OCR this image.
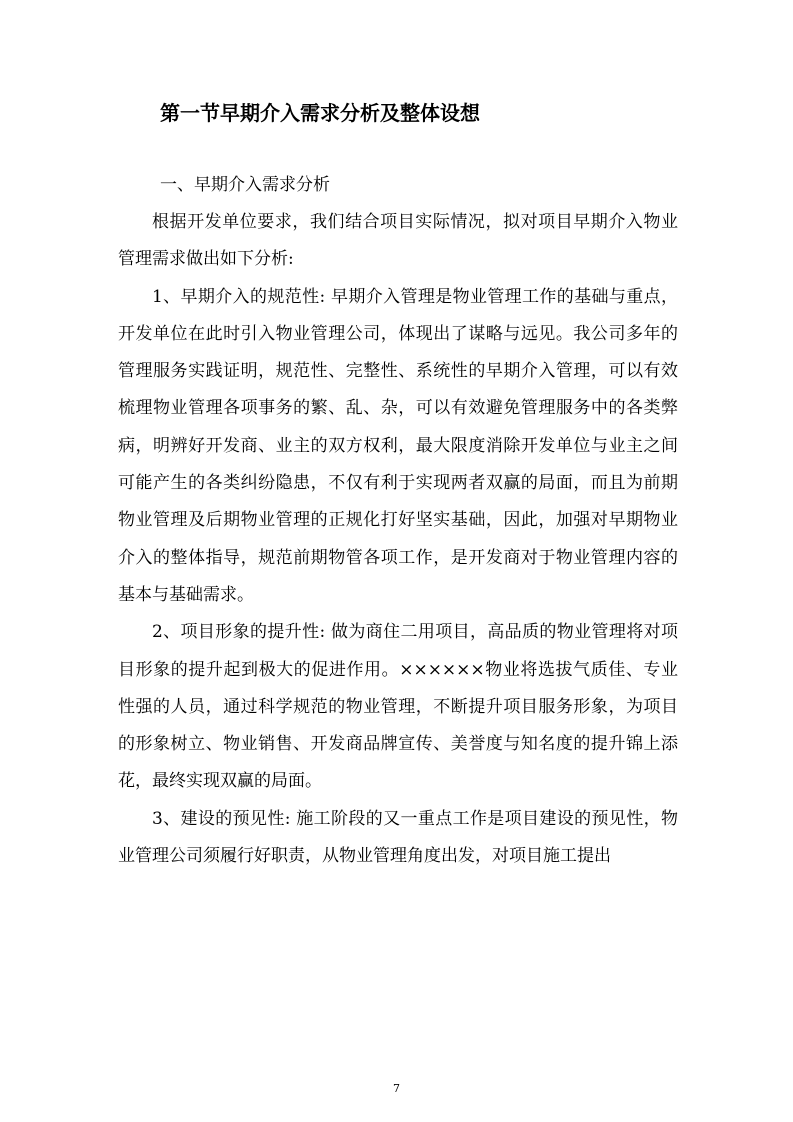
第一节早期介入需求分析及整体设想
一、早期介入需求分析

根据开发单位要求，我们结合项目实际情况，拟对项目早期介入物业管理需求做出如下分析:

1、早期介入的规范性: 早期介入管理是物业管理工作的基础与重点，开发单位在此时引入物业管理公司，体现出了谋略与远见。我公司多年的管理服务实践证明，规范性、完整性、系统性的早期介入管理，可以有效梳理物业管理各项事务的繁、乱、杂，可以有效避免管理服务中的各类弊病，明辨好开发商、业主的双方权利，最大限度消除开发单位与业主之间可能产生的各类纠纷隐患，不仅有利于实现两者双赢的局面，而且为前期物业管理及后期物业管理的正规化打好坚实基础，因此，加强对早期物业介入的整体指导，规范前期物管各项工作，是开发商对于物业管理内容的基本与基础需求。

2、项目形象的提升性: 做为商住二用项目，高品质的物业管理将对项目形象的提升起到极大的促进作用。××××××物业将选拔气质佳、专业性强的人员，通过科学规范的物业管理，不断提升项目服务形象，为项目的形象树立、物业销售、开发商品牌宣传、美誉度与知名度的提升锦上添花，最终实现双赢的局面。

3、建设的预见性: 施工阶段的又一重点工作是项目建设的预见性，物业管理公司须履行好职责，从物业管理角度出发，对项目施工提出

7
